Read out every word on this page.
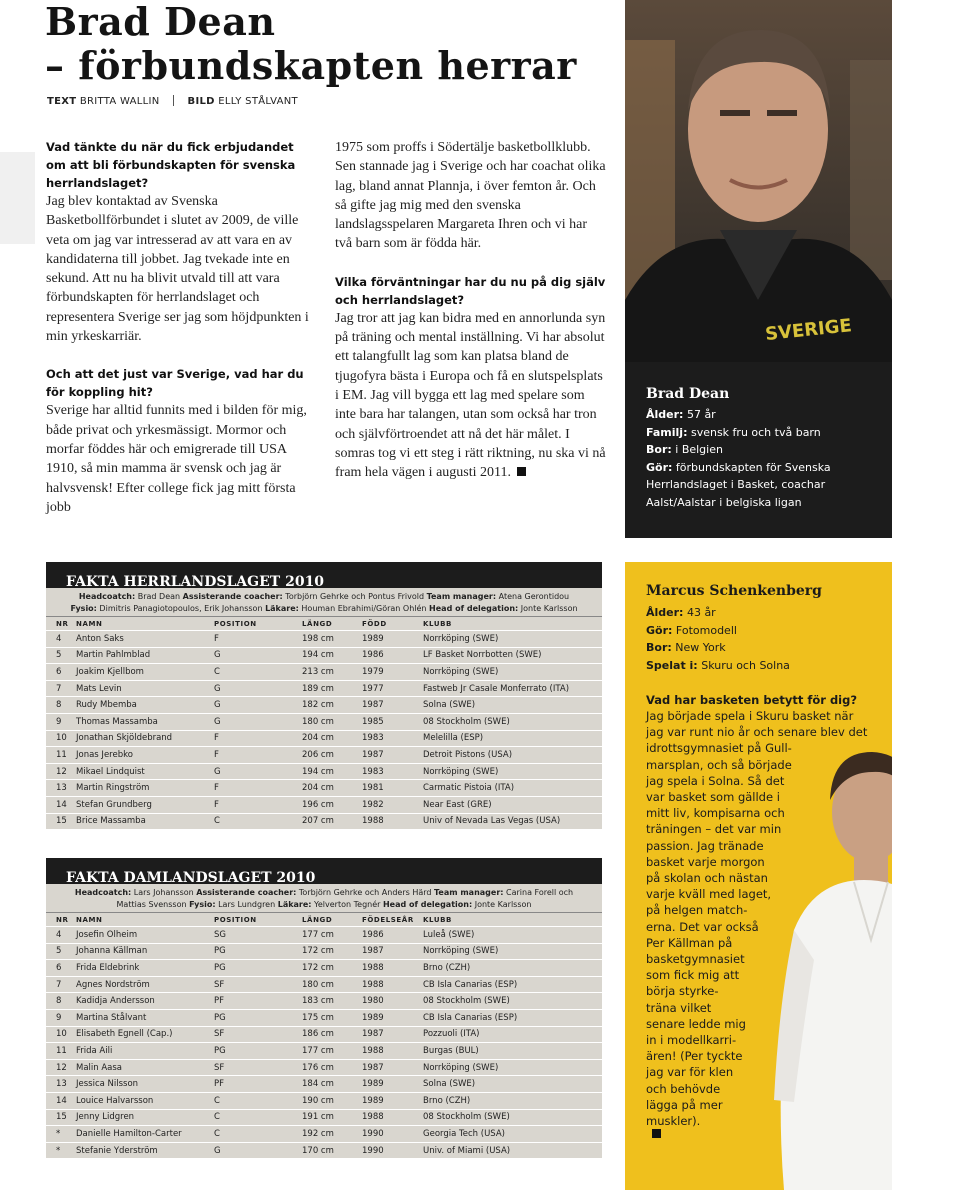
Brad Dean
– förbundskapten herrar
TEXT BRITTA WALLIN	BILD ELLY STÅLVANT
Vad tänkte du när du fick erbjudandet om att bli förbundskapten för svenska herrlandslaget?
Jag blev kontaktad av Svenska Basketbollförbundet i slutet av 2009, de ville veta om jag var intresserad av att vara en av kandidaterna till jobbet. Jag tvekade inte en sekund. Att nu ha blivit utvald till att vara förbundskapten för herrlandslaget och representera Sverige ser jag som höjdpunkten i min yrkeskarriär.
Och att det just var Sverige, vad har du för koppling hit?
Sverige har alltid funnits med i bilden för mig, både privat och yrkesmässigt. Mormor och morfar föddes här och emigrerade till USA 1910, så min mamma är svensk och jag är halvsvensk! Efter college fick jag mitt första jobb
1975 som proffs i Södertälje basketbollklubb. Sen stannade jag i Sverige och har coachat olika lag, bland annat Plannja, i över femton år. Och så gifte jag mig med den svenska landslagsspelaren Margareta Ihren och vi har två barn som är födda här.
Vilka förväntningar har du nu på dig själv och herrlandslaget?
Jag tror att jag kan bidra med en annorlunda syn på träning och mental inställning. Vi har absolut ett talangfullt lag som kan platsa bland de tjugofyra bästa i Europa och få en slutspelsplats i EM. Jag vill bygga ett lag med spelare som inte bara har talangen, utan som också har tron och självförtroendet att nå det här målet. I somras tog vi ett steg i rätt riktning, nu ska vi nå fram hela vägen i augusti 2011.
SVERIGE
Brad Dean
Ålder: 57 år
Familj: svensk fru och två barn
Bor: i Belgien
Gör: förbundskapten för Svenska Herrlandslaget i Basket, coachar Aalst/Aalstar i belgiska ligan
FAKTA HERRLANDSLAGET 2010
Headcoatch: Brad Dean Assisterande coacher: Torbjörn Gehrke och Pontus Frivold Team manager: Atena Gerontidou
Fysio: Dimitris Panagiotopoulos, Erik Johansson Läkare: Houman Ebrahimi/Göran Ohlén Head of delegation: Jonte Karlsson
NR	NAMN	POSITION	LÄNGD	FÖDD	KLUBB
4	Anton Saks	F	198 cm	1989	Norrköping (SWE)
5	Martin Pahlmblad	G	194 cm	1986	LF Basket Norrbotten (SWE)
6	Joakim Kjellbom	C	213 cm	1979	Norrköping (SWE)
7	Mats Levin	G	189 cm	1977	Fastweb Jr Casale Monferrato (ITA)
8	Rudy Mbemba	G	182 cm	1987	Solna (SWE)
9	Thomas Massamba	G	180 cm	1985	08 Stockholm (SWE)
10	Jonathan Skjöldebrand	F	204 cm	1983	Melelilla (ESP)
11	Jonas Jerebko	F	206 cm	1987	Detroit Pistons (USA)
12	Mikael Lindquist	G	194 cm	1983	Norrköping (SWE)
13	Martin Ringström	F	204 cm	1981	Carmatic Pistoia (ITA)
14	Stefan Grundberg	F	196 cm	1982	Near East (GRE)
15	Brice Massamba	C	207 cm	1988	Univ of Nevada Las Vegas (USA)
FAKTA DAMLANDSLAGET 2010
Headcoatch: Lars Johansson Assisterande coacher: Torbjörn Gehrke och Anders Härd Team manager: Carina Forell och
Mattias Svensson Fysio: Lars Lundgren Läkare: Yelverton Tegnér Head of delegation: Jonte Karlsson
NR	NAMN	POSITION	LÄNGD	FÖDELSEÅR	KLUBB
4	Josefin Olheim	SG	177 cm	1986	Luleå (SWE)
5	Johanna Källman	PG	172 cm	1987	Norrköping (SWE)
6	Frida Eldebrink	PG	172 cm	1988	Brno (CZH)
7	Agnes Nordström	SF	180 cm	1988	CB Isla Canarias (ESP)
8	Kadidja Andersson	PF	183 cm	1980	08 Stockholm (SWE)
9	Martina Stålvant	PG	175 cm	1989	CB Isla Canarias (ESP)
10	Elisabeth Egnell (Cap.)	SF	186 cm	1987	Pozzuoli (ITA)
11	Frida Aili	PG	177 cm	1988	Burgas (BUL)
12	Malin Aasa	SF	176 cm	1987	Norrköping (SWE)
13	Jessica Nilsson	PF	184 cm	1989	Solna (SWE)
14	Louice Halvarsson	C	190 cm	1989	Brno (CZH)
15	Jenny Lidgren	C	191 cm	1988	08 Stockholm (SWE)
*	Danielle Hamilton-Carter	C	192 cm	1990	Georgia Tech (USA)
*	Stefanie Yderström	G	170 cm	1990	Univ. of Miami (USA)
Marcus Schenkenberg
Ålder: 43 år
Gör: Fotomodell
Bor: New York
Spelat i: Skuru och Solna
Vad har basketen betytt för dig?
Jag började spela i Skuru basket när
jag var runt nio år och senare blev det
idrottsgymnasiet på Gull-
marsplan, och så började
jag spela i Solna. Så det
var basket som gällde i
mitt liv, kompisarna och
träningen – det var min
passion. Jag tränade
basket varje morgon
på skolan och nästan
varje kväll med laget,
på helgen match-
erna. Det var också
Per Källman på
basketgymnasiet
som fick mig att
börja styrke-
träna vilket
senare ledde mig
in i modellkarri-
ären! (Per tyckte
jag var för klen
och behövde
lägga på mer
muskler).
